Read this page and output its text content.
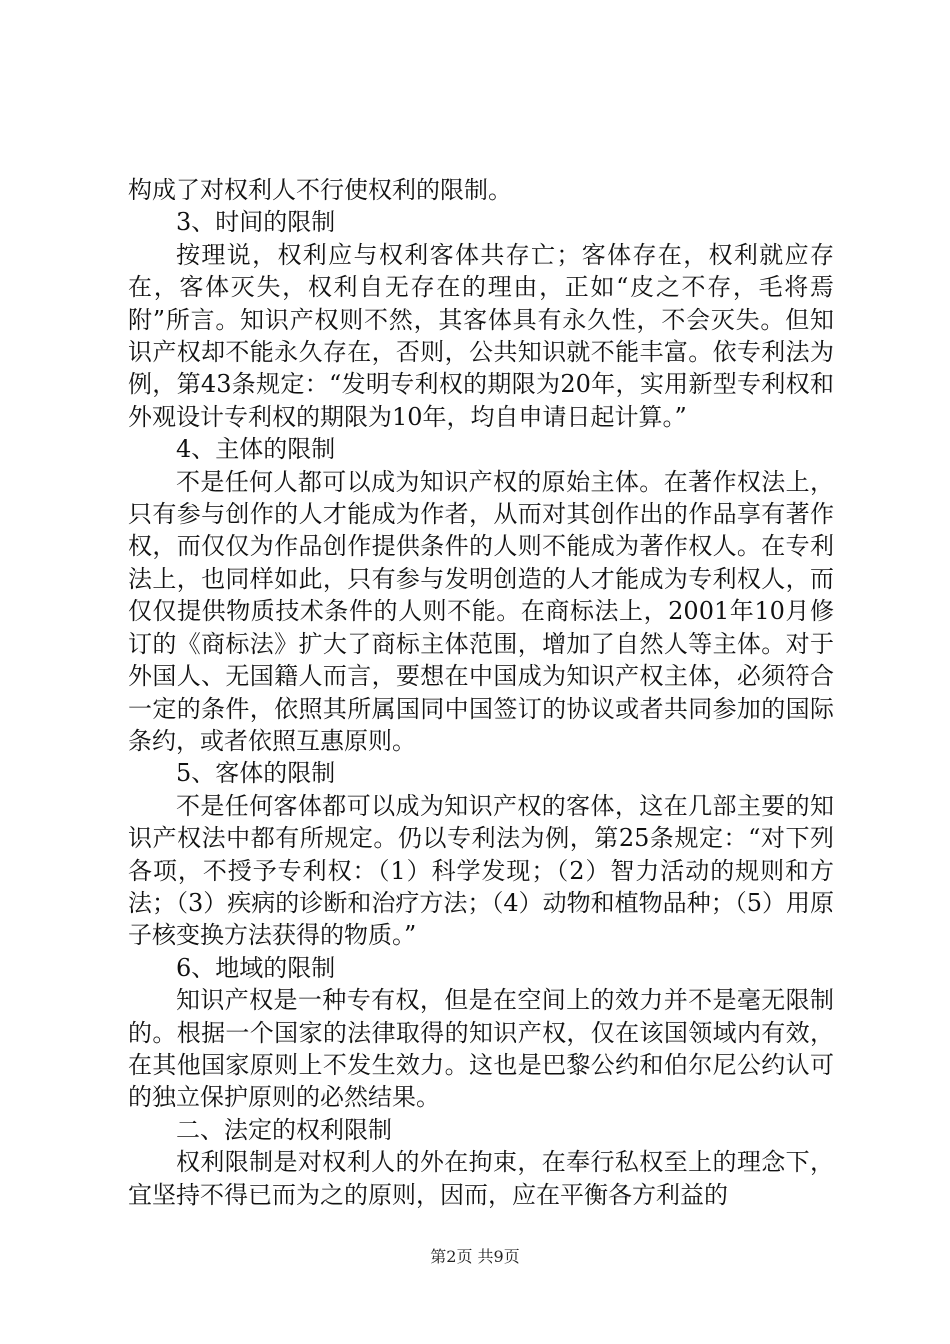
构成了对权利人不行使权利的限制。

3、时间的限制

按理说，权利应与权利客体共存亡；客体存在，权利就应存在，客体灭失，权利自无存在的理由，正如“皮之不存，毛将焉附”所言。知识产权则不然，其客体具有永久性，不会灭失。但知识产权却不能永久存在，否则，公共知识就不能丰富。依专利法为例，第43条规定：“发明专利权的期限为20年，实用新型专利权和外观设计专利权的期限为10年，均自申请日起计算。”

4、主体的限制

不是任何人都可以成为知识产权的原始主体。在著作权法上，只有参与创作的人才能成为作者，从而对其创作出的作品享有著作权，而仅仅为作品创作提供条件的人则不能成为著作权人。在专利法上，也同样如此，只有参与发明创造的人才能成为专利权人，而仅仅提供物质技术条件的人则不能。在商标法上，2001年10月修订的《商标法》扩大了商标主体范围，增加了自然人等主体。对于外国人、无国籍人而言，要想在中国成为知识产权主体，必须符合一定的条件，依照其所属国同中国签订的协议或者共同参加的国际条约，或者依照互惠原则。

5、客体的限制

不是任何客体都可以成为知识产权的客体，这在几部主要的知识产权法中都有所规定。仍以专利法为例，第25条规定：“对下列各项，不授予专利权：（1）科学发现；（2）智力活动的规则和方法；（3）疾病的诊断和治疗方法；（4）动物和植物品种；（5）用原子核变换方法获得的物质。”

6、地域的限制

知识产权是一种专有权，但是在空间上的效力并不是毫无限制的。根据一个国家的法律取得的知识产权，仅在该国领域内有效，在其他国家原则上不发生效力。这也是巴黎公约和伯尔尼公约认可的独立保护原则的必然结果。

二、法定的权利限制

权利限制是对权利人的外在拘束，在奉行私权至上的理念下，宜坚持不得已而为之的原则，因而，应在平衡各方利益的

第2页 共9页
